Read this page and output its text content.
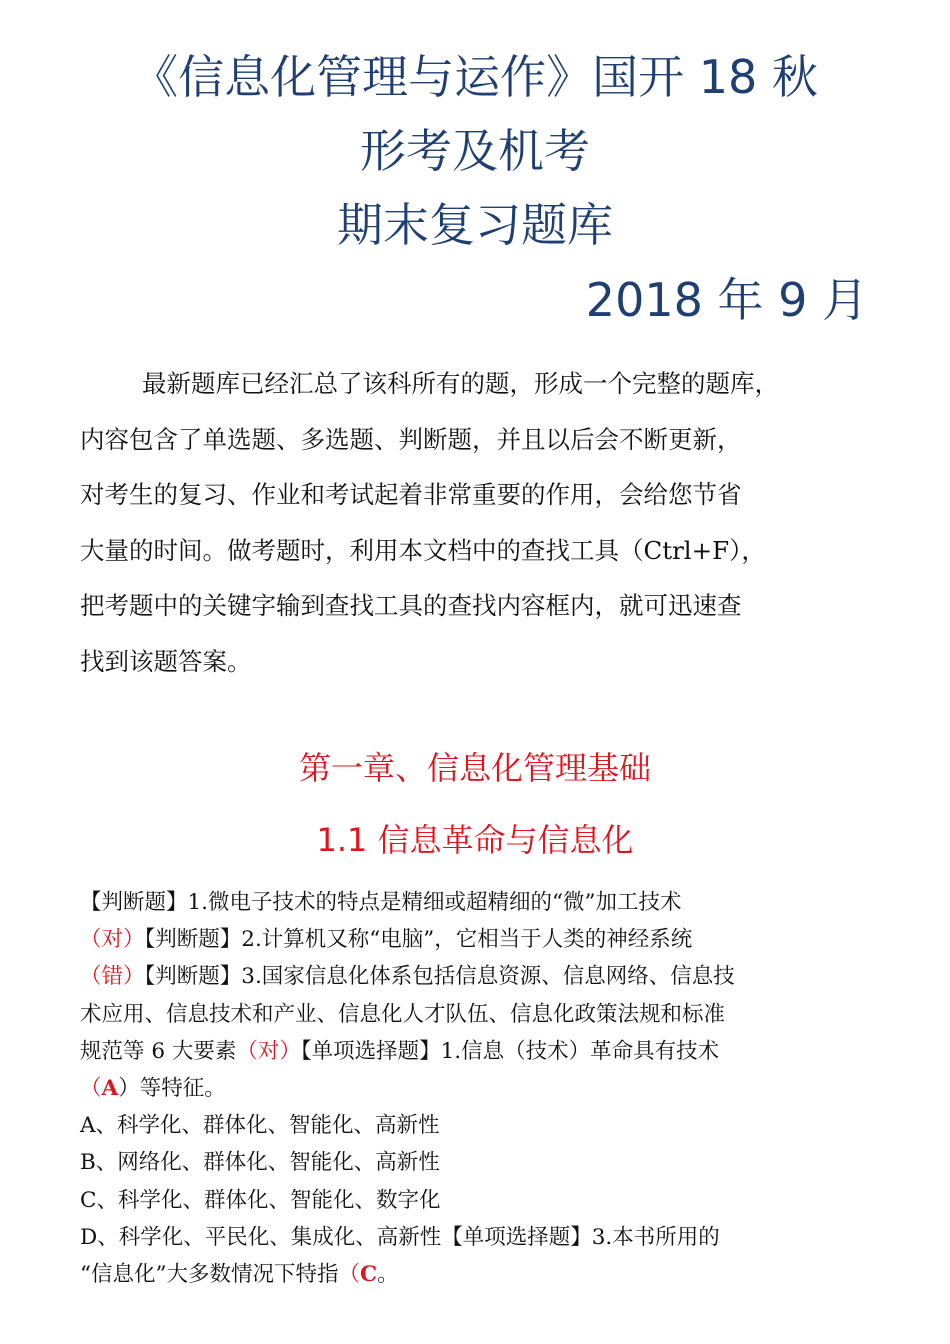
《信息化管理与运作》国开 18 秋
形考及机考
期末复习题库
2018 年 9 月
最新题库已经汇总了该科所有的题，形成一个完整的题库，
内容包含了单选题、多选题、判断题，并且以后会不断更新，
对考生的复习、作业和考试起着非常重要的作用，会给您节省
大量的时间。做考题时，利用本文档中的查找工具（Ctrl+F），
把考题中的关键字输到查找工具的查找内容框内，就可迅速查
找到该题答案。
第一章、信息化管理基础
1.1 信息革命与信息化
【判断题】1.微电子技术的特点是精细或超精细的“微”加工技术
（对）【判断题】2.计算机又称“电脑”，它相当于人类的神经系统
（错）【判断题】3.国家信息化体系包括信息资源、信息网络、信息技
术应用、信息技术和产业、信息化人才队伍、信息化政策法规和标准
规范等 6 大要素（对）【单项选择题】1.信息（技术）革命具有技术
（A）等特征。
A、科学化、群体化、智能化、高新性
B、网络化、群体化、智能化、高新性
C、科学化、群体化、智能化、数字化
D、科学化、平民化、集成化、高新性【单项选择题】3.本书所用的
“信息化”大多数情况下特指（C。
